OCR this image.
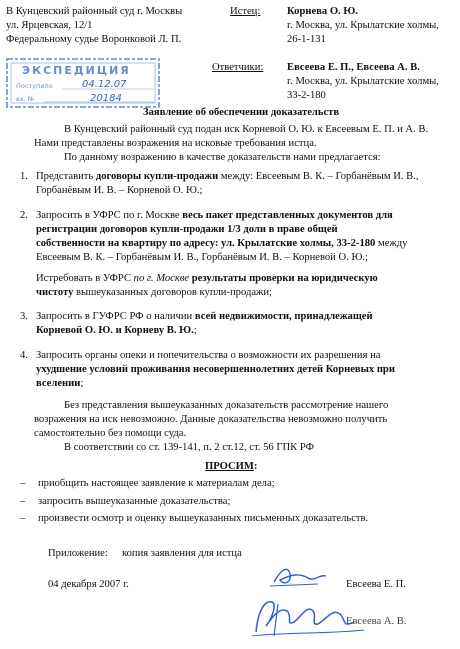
В Кунцевский районный суд г. Москвы
ул. Ярцевская, 12/1
Федеральному судье Воронковой Л. П.
ЭКСПЕДИЦИЯ
Поступило	04.12.07
вх. №	20184
Истец:	Корнева О. Ю.
г. Москва, ул. Крылатские холмы,
26-1-131
Ответчики: Евсеева Е. П., Евсеева А. В.
г. Москва, ул. Крылатские холмы,
33-2-180
Заявление об обеспечении доказательств
В Кунцевский районный суд подан иск Корневой О. Ю. к Евсеевым Е. П. и А. В.
Нами представлены возражения на исковые требования истца.
По данному возражению в качестве доказательств нами предлагается:
1. Представить договоры купли-продажи между: Евсеевым В. К. – Горбанёвым И. В.,
Горбанёвым И. В. – Корневой О. Ю.;
2. Запросить в УФРС по г. Москве весь пакет представленных документов для
регистрации договоров купли-продажи 1/3 доли в праве общей
собственности на квартиру по адресу: ул. Крылатские холмы, 33-2-180 между
Евсеевым В. К. – Горбанёвым И. В., Горбанёвым И. В. – Корневой О. Ю.;
Истребовать в УФРС по г. Москве результаты проверки на юридическую
чистоту вышеуказанных договоров купли-продажи;
3. Запросить в ГУФРС РФ о наличии всей недвижимости, принадлежащей
Корневой О. Ю. и Корневу В. Ю.;
4. Запросить органы опеки и попечительства о возможности их разрешения на
ухудшение условий проживания несовершеннолетних детей Корневых при
вселении;
Без представления вышеуказанных доказательств рассмотрение нашего
возражения на иск невозможно. Данные доказательства невозможно получить
самостоятельно без помощи суда.
В соответствии со ст. 139-141, п. 2 ст.12, ст. 56 ГПК РФ
ПРОСИМ:
– приобщить настоящее заявление к материалам дела;
– запросить вышеуказанные доказательства;
– произвести осмотр и оценку вышеуказанных письменных доказательств.
Приложение: копия заявления для истца
04 декабря 2007 г.	Евсеева Е. П.
Евсеева А. В.
